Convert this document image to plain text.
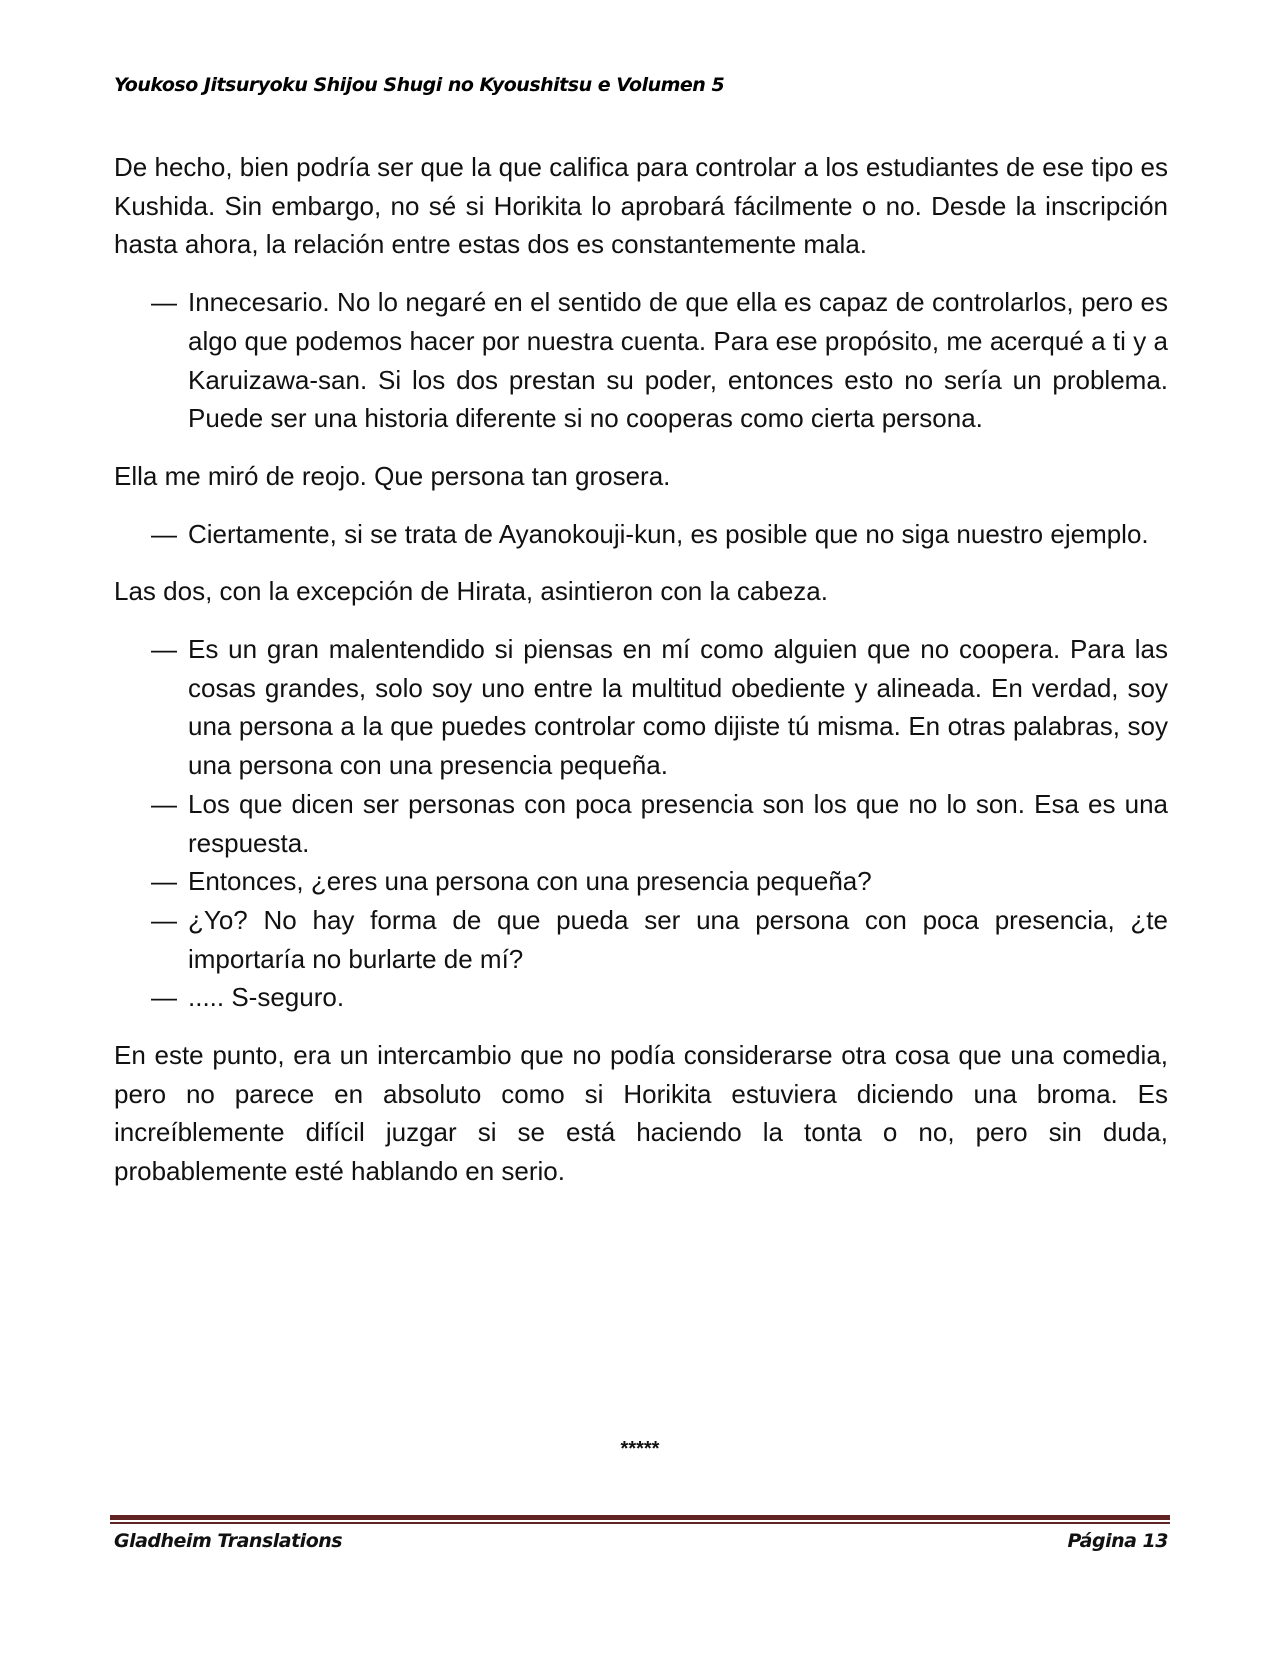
Youkoso Jitsuryoku Shijou Shugi no Kyoushitsu e Volumen 5

De hecho, bien podría ser que la que califica para controlar a los estudiantes de ese tipo es Kushida. Sin embargo, no sé si Horikita lo aprobará fácilmente o no. Desde la inscripción hasta ahora, la relación entre estas dos es constantemente mala.

— Innecesario. No lo negaré en el sentido de que ella es capaz de controlarlos, pero es algo que podemos hacer por nuestra cuenta. Para ese propósito, me acerqué a ti y a Karuizawa-san. Si los dos prestan su poder, entonces esto no sería un problema. Puede ser una historia diferente si no cooperas como cierta persona.

Ella me miró de reojo. Que persona tan grosera.

— Ciertamente, si se trata de Ayanokouji-kun, es posible que no siga nuestro ejemplo.

Las dos, con la excepción de Hirata, asintieron con la cabeza.

— Es un gran malentendido si piensas en mí como alguien que no coopera. Para las cosas grandes, solo soy uno entre la multitud obediente y alineada. En verdad, soy una persona a la que puedes controlar como dijiste tú misma. En otras palabras, soy una persona con una presencia pequeña.

— Los que dicen ser personas con poca presencia son los que no lo son. Esa es una respuesta.

— Entonces, ¿eres una persona con una presencia pequeña?

— ¿Yo? No hay forma de que pueda ser una persona con poca presencia, ¿te importaría no burlarte de mí?

— ..... S-seguro.

En este punto, era un intercambio que no podía considerarse otra cosa que una comedia, pero no parece en absoluto como si Horikita estuviera diciendo una broma. Es increíblemente difícil juzgar si se está haciendo la tonta o no, pero sin duda, probablemente esté hablando en serio.

*****
Gladheim Translations	Página 13
